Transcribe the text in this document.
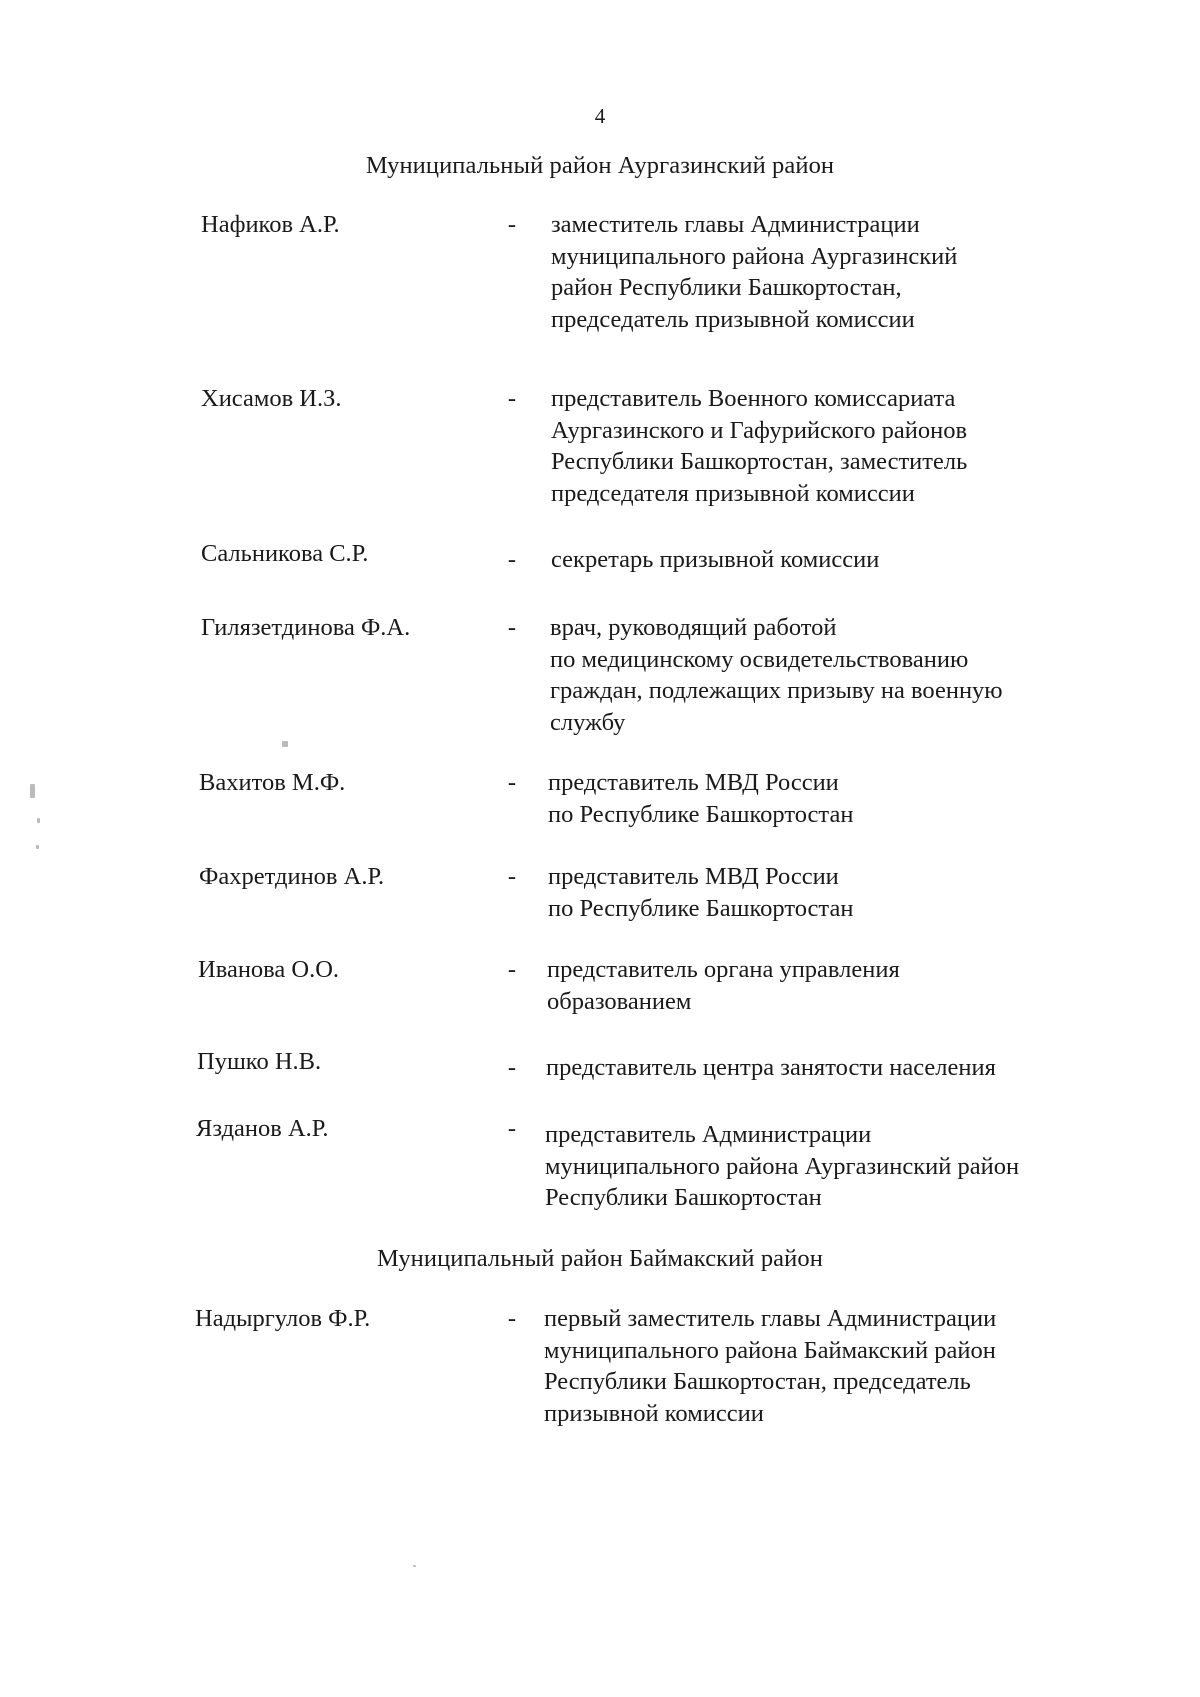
4
Муниципальный район Аургазинский район
Нафиков А.Р.	- заместитель главы Администрации
муниципального района Аургазинский
район Республики Башкортостан,
председатель призывной комиссии
Хисамов И.З.	- представитель Военного комиссариата
Аургазинского и Гафурийского районов
Республики Башкортостан, заместитель
председателя призывной комиссии
Сальникова С.Р.	- секретарь призывной комиссии
Гилязетдинова Ф.А.	- врач, руководящий работой
по медицинскому освидетельствованию
граждан, подлежащих призыву на военную
службу
Вахитов М.Ф.	- представитель МВД России
по Республике Башкортостан
Фахретдинов А.Р.	- представитель МВД России
по Республике Башкортостан
Иванова О.О.	- представитель органа управления
образованием
Пушко Н.В.	- представитель центра занятости населения
Язданов А.Р.	- представитель Администрации
муниципального района Аургазинский район
Республики Башкортостан
Муниципальный район Баймакский район
Надыргулов Ф.Р.	- первый заместитель главы Администрации
муниципального района Баймакский район
Республики Башкортостан, председатель
призывной комиссии
